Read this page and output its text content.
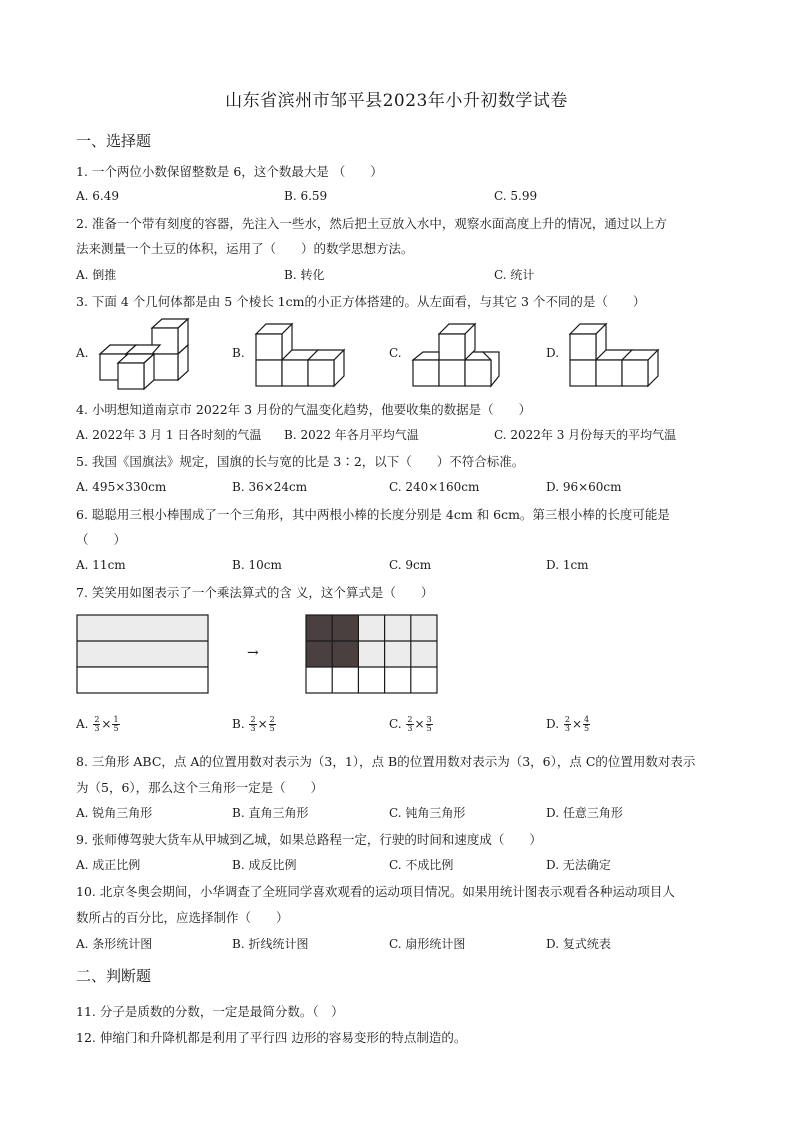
山东省滨州市邹平县2023年小升初数学试卷
一、选择题
1. 一个两位小数保留整数是 6，这个数最大是 （　　）
A. 6.49	B. 6.59	C. 5.99
2. 准备一个带有刻度的容器，先注入一些水，然后把土豆放入水中，观察水面高度上升的情况，通过以上方
法来测量一个土豆的体积，运用了（　　）的数学思想方法。
A. 倒推	B. 转化	C. 统计
3. 下面 4 个几何体都是由 5 个棱长 1cm的小正方体搭建的。从左面看，与其它 3 个不同的是（　　）
A.	B.	C.	D.
4. 小明想知道南京市 2022年 3 月份的气温变化趋势，他要收集的数据是（　　）
A. 2022年 3 月 1 日各时刻的气温 B. 2022 年各月平均气温	C. 2022年 3 月份每天的平均气温
5. 我国《国旗法》规定，国旗的长与宽的比是 3∶2，以下（　　）不符合标准。
A. 495×330cm	B. 36×24cm	C. 240×160cm	D. 96×60cm
6. 聪聪用三根小棒围成了一个三角形，其中两根小棒的长度分别是 4cm 和 6cm。第三根小棒的长度可能是
（　　）
A. 11cm	B. 10cm	C. 9cm	D. 1cm
7. 笑笑用如图表示了一个乘法算式的含 义，这个算式是（　　）
→
A. $\frac{2}{3} \times \frac{1}{5}$	B. $\frac{2}{3} \times \frac{2}{5}$	C. $\frac{2}{3} \times \frac{3}{5}$	D. $\frac{2}{3} \times \frac{4}{5}$
8. 三角形 ABC，点 A的位置用数对表示为（3，1），点 B的位置用数对表示为（3，6），点 C的位置用数对表示
为（5，6），那么这个三角形一定是（　　）
A. 锐角三角形	B. 直角三角形	C. 钝角三角形	D. 任意三角形
9. 张师傅驾驶大货车从甲城到乙城，如果总路程一定，行驶的时间和速度成（　　）
A. 成正比例	B. 成反比例	C. 不成比例	D. 无法确定
10. 北京冬奥会期间，小华调查了全班同学喜欢观看的运动项目情况。如果用统计图表示观看各种运动项目人
数所占的百分比，应选择制作（　　）
A. 条形统计图	B. 折线统计图	C. 扇形统计图	D. 复式统表
二、判断题
11. 分子是质数的分数，一定是最简分数。（　）
12. 伸缩门和升降机都是利用了平行四 边形的容易变形的特点制造的。
